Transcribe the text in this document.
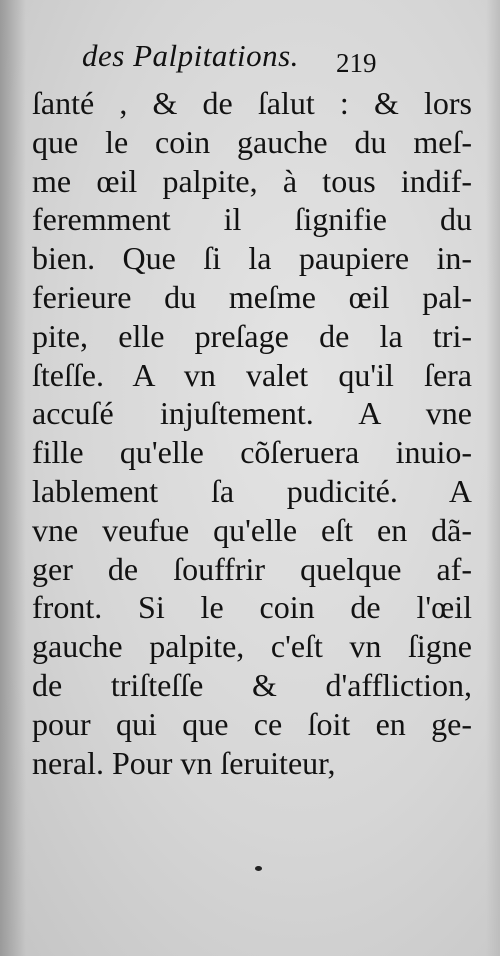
des Palpitations. 219
ſanté , & de ſalut : & lors
que le coin gauche du meſ-
me œil palpite, à tous indif-
feremment il ſignifie du
bien. Que ſi la paupiere in-
ferieure du meſme œil pal-
pite, elle preſage de la tri-
ſteſſe. A vn valet qu'il ſera
accuſé injuſtement. A vne
fille qu'elle cõſeruera inuio-
lablement ſa pudicité. A
vne veufue qu'elle eſt en dã-
ger de ſouffrir quelque af-
front. Si le coin de l'œil
gauche palpite, c'eſt vn ſigne
de triſteſſe & d'affliction,
pour qui que ce ſoit en ge-
neral. Pour vn ſeruiteur,
